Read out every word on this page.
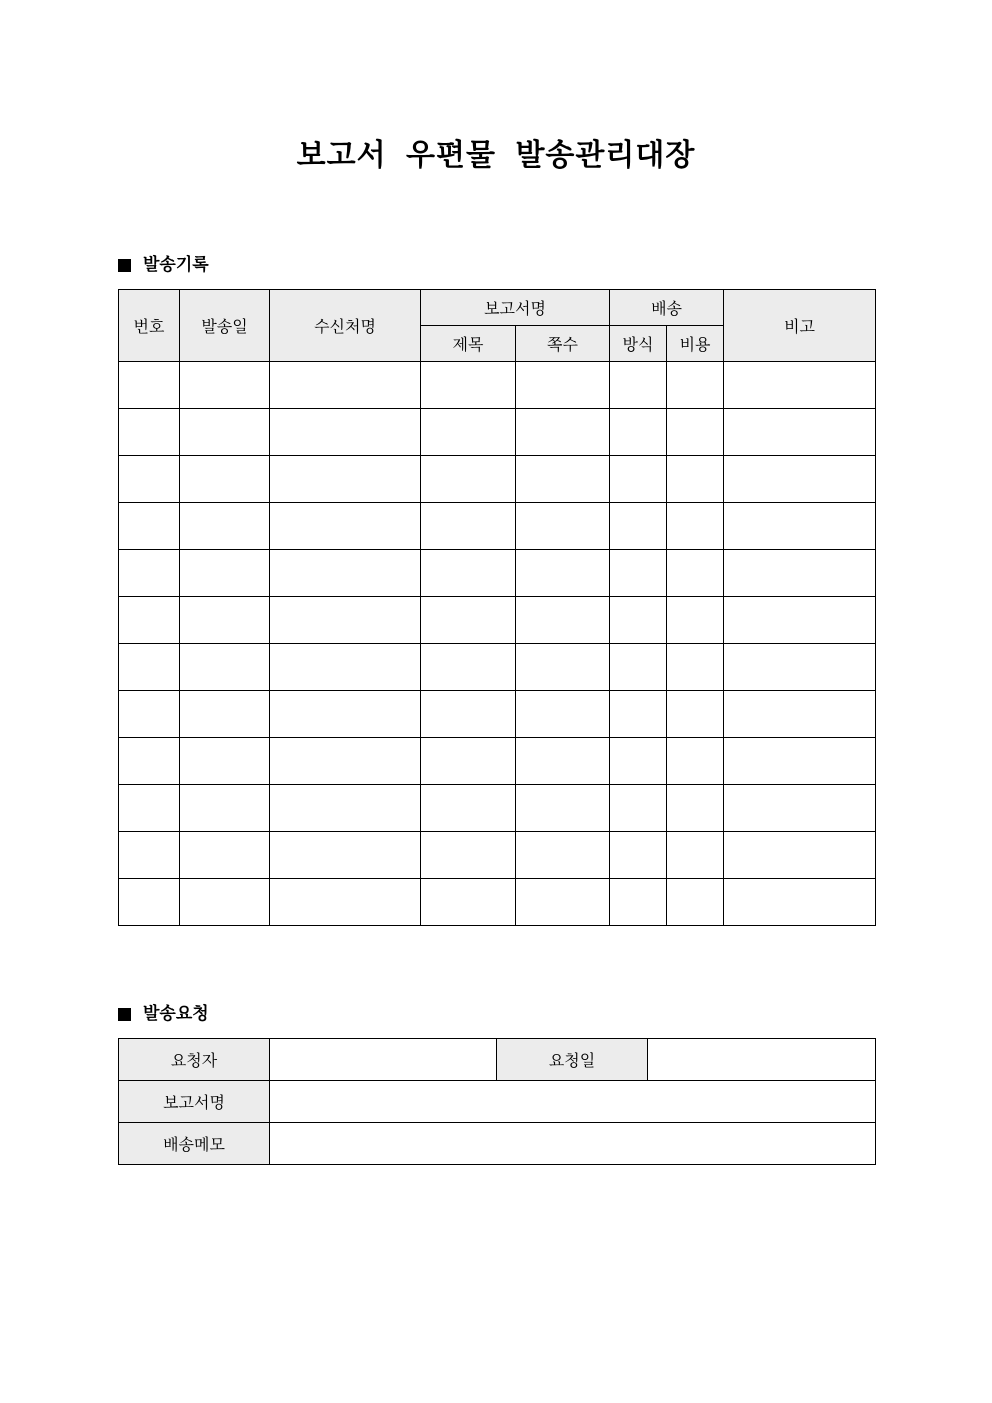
보고서 우편물 발송관리대장
발송기록
번호	발송일	수신처명	보고서명		배송		비고
			제목	쪽수	방식	비용	

발송요청
요청자		요청일	
보고서명			
배송메모			
